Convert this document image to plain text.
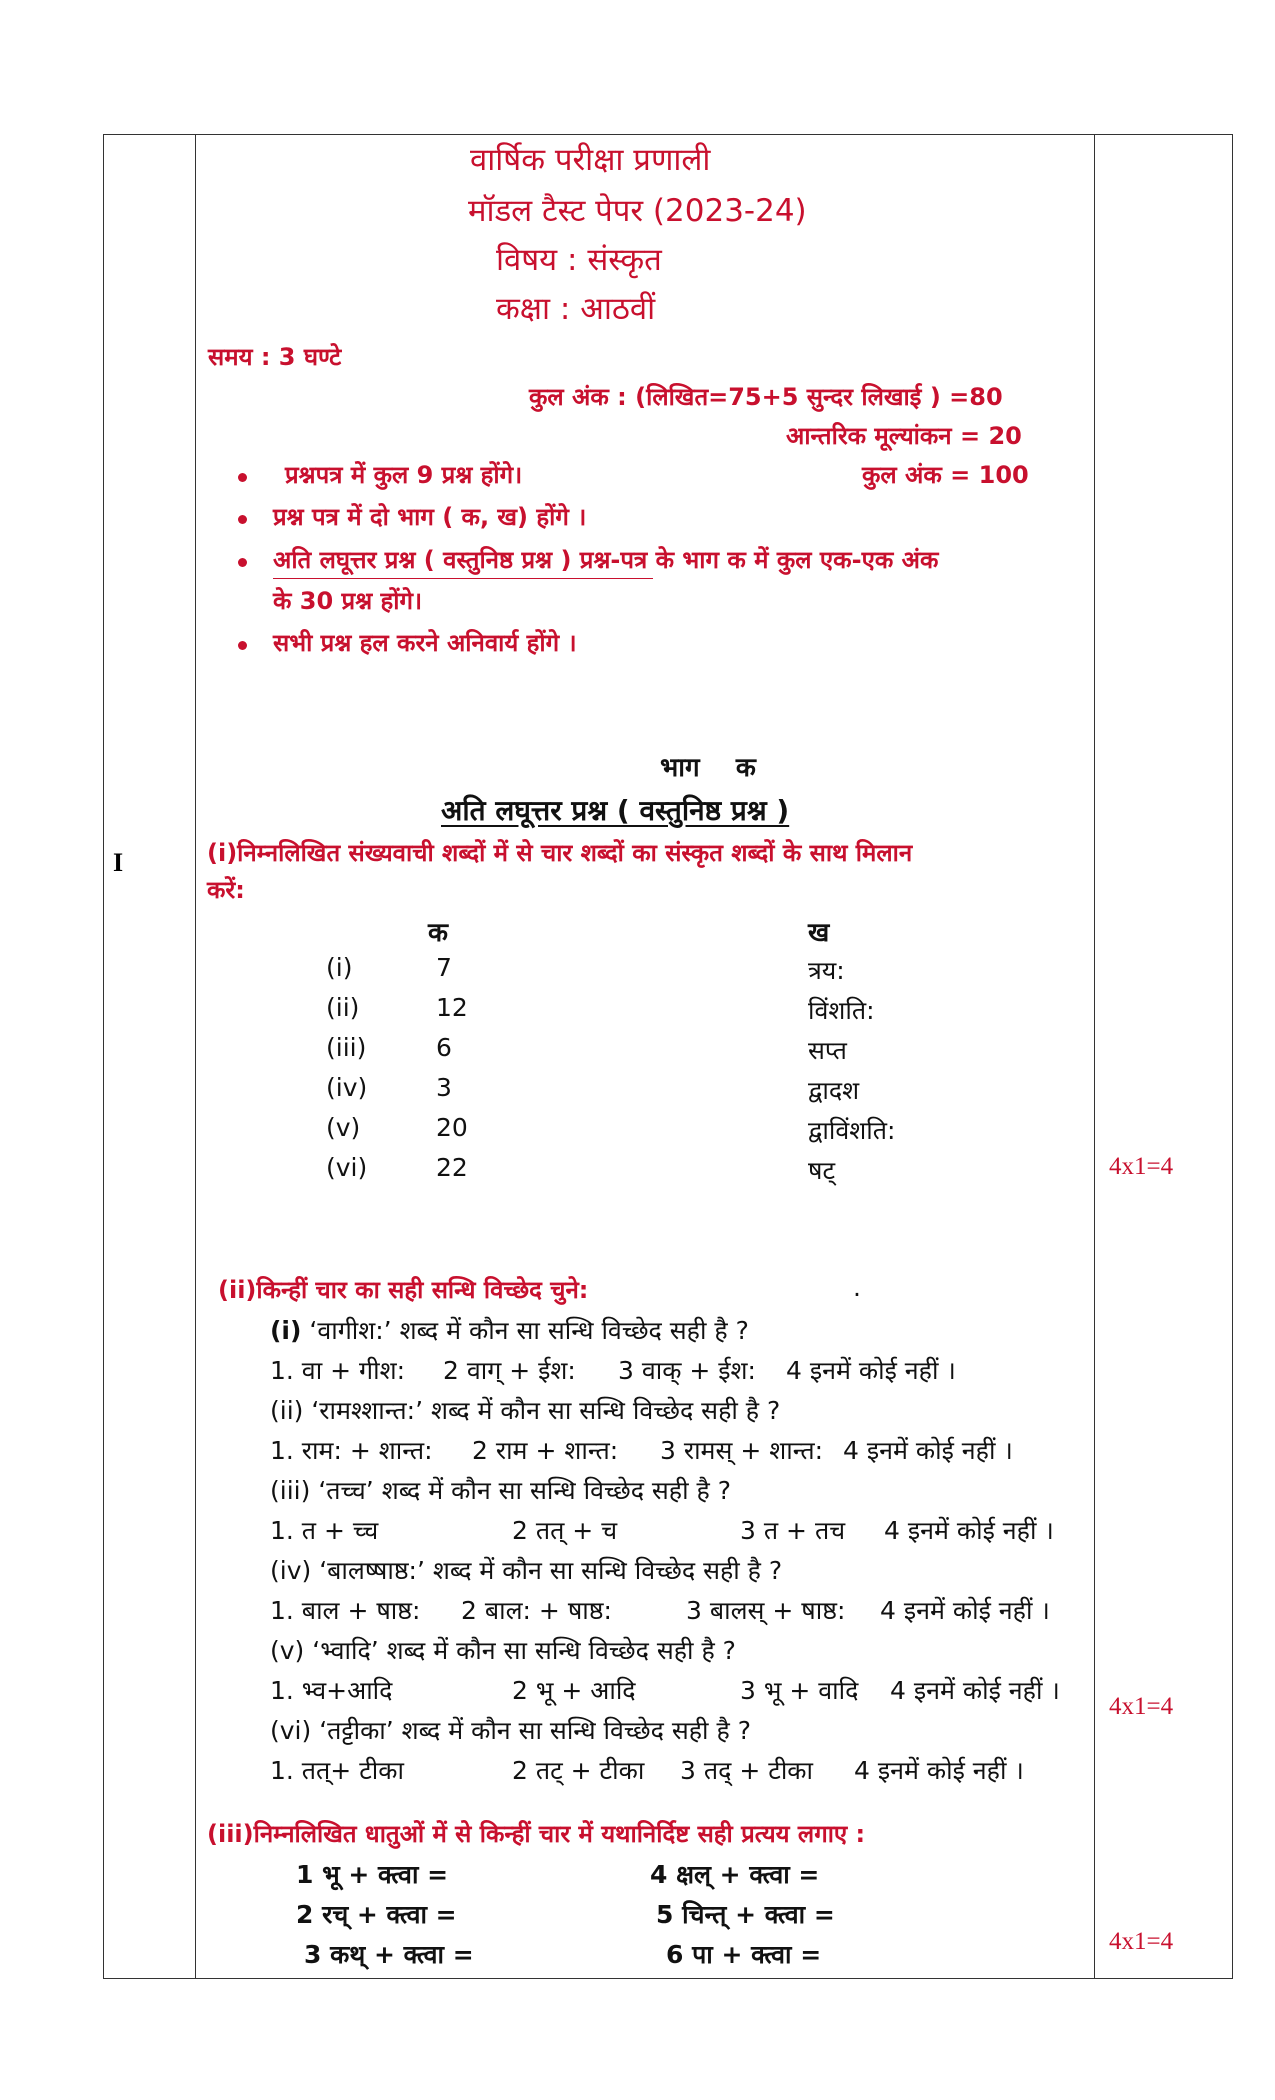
I
वार्षिक परीक्षा प्रणाली
मॉडल टैस्ट पेपर (2023-24)
विषय : संस्कृत
कक्षा : आठवीं
समय : 3 घण्टे
कुल अंक : (लिखित=75+5 सुन्दर लिखाई ) =80
आन्तरिक मूल्यांकन = 20
प्रश्नपत्र में कुल 9 प्रश्न होंगे।	कुल अंक = 100
प्रश्न पत्र में दो भाग ( क, ख) होंगे ।
अति लघूत्तर प्रश्न ( वस्तुनिष्ठ प्रश्न ) प्रश्न-पत्र के भाग क में कुल एक-एक अंक
के 30 प्रश्न होंगे।
सभी प्रश्न हल करने अनिवार्य होंगे ।
भाग    क
अति लघूत्तर प्रश्न ( वस्तुनिष्ठ प्रश्न )
(i)निम्नलिखित संख्यवाची शब्दों में से चार शब्दों का संस्कृत शब्दों के साथ मिलान
करें:
क	ख
(i)	7	त्रय:
(ii)	12	विंशति:
(iii)	6	सप्त
(iv)	3	द्वादश
(v)	20	द्वाविंशति:
(vi)	22	षट्	4x1=4
(ii)किन्हीं चार का सही सन्धि विच्छेद चुने:	.
(i) ‘वागीश:’ शब्द में कौन सा सन्धि विच्छेद सही है ?
1. वा + गीश: 2 वाग् + ईश: 3 वाक् + ईश: 4 इनमें कोई नहीं ।
(ii) ‘रामश्शान्त:’ शब्द में कौन सा सन्धि विच्छेद सही है ?
1. राम: + शान्त: 2 राम + शान्त: 3 रामस् + शान्त: 4 इनमें कोई नहीं ।
(iii) ‘तच्च’ शब्द में कौन सा सन्धि विच्छेद सही है ?
1. त + च्च	2 तत् + च	3 त + तच 4 इनमें कोई नहीं ।
(iv) ‘बालष्षाष्ठ:’ शब्द में कौन सा सन्धि विच्छेद सही है ?
1. बाल + षाष्ठ: 2 बाल: + षाष्ठ:	3 बालस् + षाष्ठ: 4 इनमें कोई नहीं ।
(v) ‘भ्वादि’ शब्द में कौन सा सन्धि विच्छेद सही है ?
1. भ्व+आदि	2 भू + आदि	3 भू + वादि 4 इनमें कोई नहीं ।
(vi) ‘तट्टीका’ शब्द में कौन सा सन्धि विच्छेद सही है ?
1. तत्+ टीका	2 तट् + टीका 3 तद् + टीका 4 इनमें कोई नहीं ।
4x1=4
(iii)निम्नलिखित धातुओं में से किन्हीं चार में यथानिर्दिष्ट सही प्रत्यय लगाए :
1 भू + क्त्वा =	4 क्षल् + क्त्वा =
2 रच् + क्त्वा =	5 चिन्त् + क्त्वा =
3 कथ् + क्त्वा =	6 पा + क्त्वा =	4x1=4
